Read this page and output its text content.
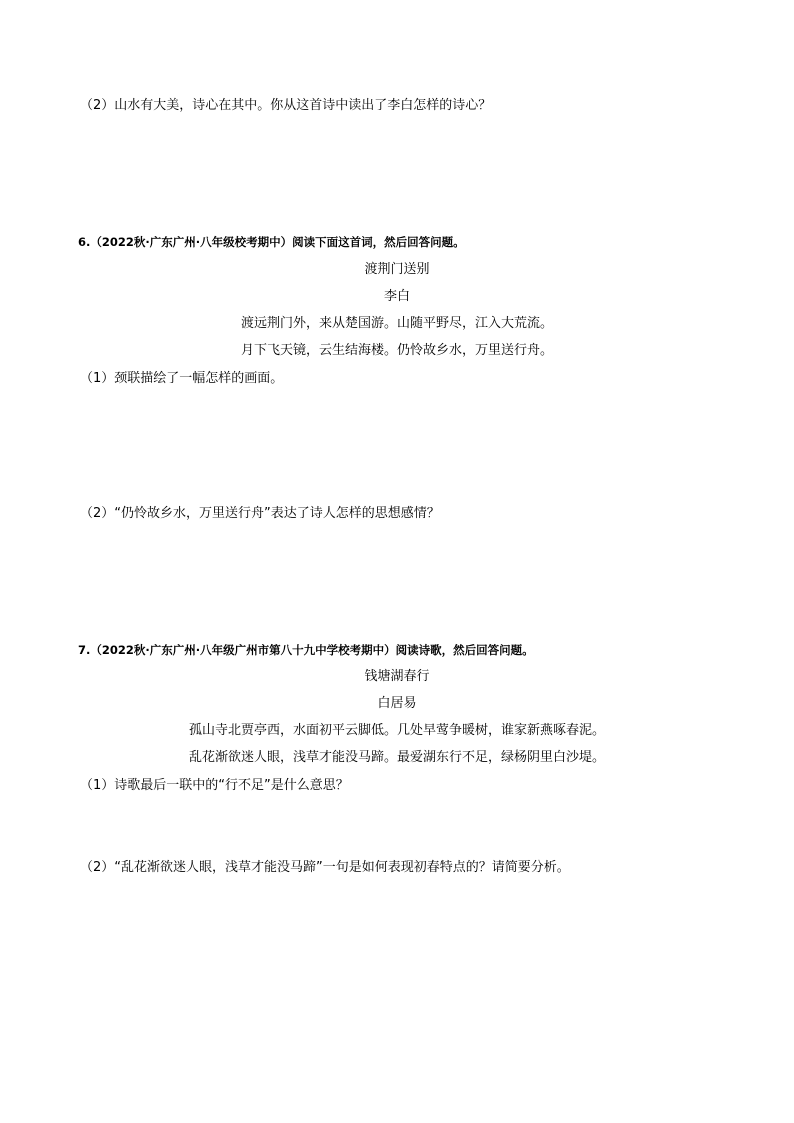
（2）山水有大美，诗心在其中。你从这首诗中读出了李白怎样的诗心？
6.（2022秋·广东广州·八年级校考期中）阅读下面这首词，然后回答问题。
渡荆门送别
李白
渡远荆门外，来从楚国游。山随平野尽，江入大荒流。
月下飞天镜，云生结海楼。仍怜故乡水，万里送行舟。
（1）颈联描绘了一幅怎样的画面。
（2）“仍怜故乡水，万里送行舟”表达了诗人怎样的思想感情？
7.（2022秋·广东广州·八年级广州市第八十九中学校考期中）阅读诗歌，然后回答问题。
钱塘湖春行
白居易
孤山寺北贾亭西，水面初平云脚低。几处早莺争暖树，谁家新燕啄春泥。
乱花渐欲迷人眼，浅草才能没马蹄。最爱湖东行不足，绿杨阴里白沙堤。
（1）诗歌最后一联中的“行不足”是什么意思？
（2）“乱花渐欲迷人眼，浅草才能没马蹄”一句是如何表现初春特点的？请简要分析。
